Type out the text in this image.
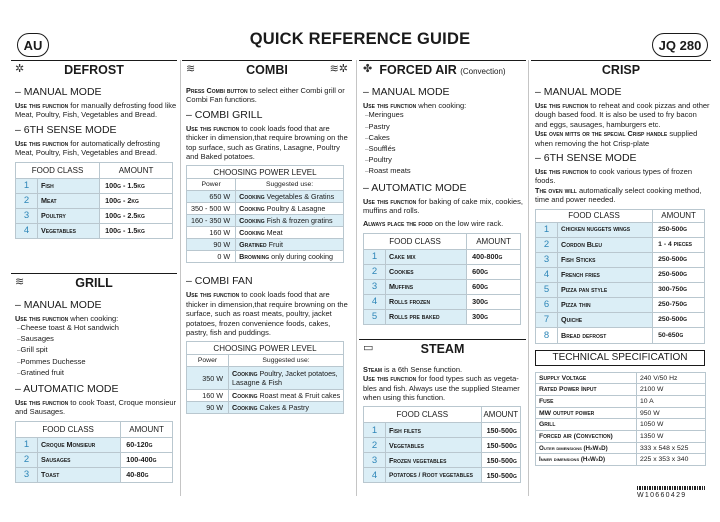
AU	QUICK REFERENCE GUIDE	JQ 280
✲	DEFROST
– MANUAL MODE

Use this function for manually defrosting food like Meat, Poultry, Fish, Vegetables and Bread.

– 6TH SENSE MODE

Use this function for automatically defrosting Meat, Poultry, Fish, Vegetables and Bread.

FOOD CLASS		AMOUNT
1	Fish	100g - 1.5kg
2	Meat	100g - 2kg
3	Poultry	100g - 2.5kg
4	Vegetables	100g - 1.5kg
≋	GRILL
– MANUAL MODE

Use this function when cooking:

─ Cheese toast & Hot sandwich
─ Sausages
─ Grill spit
─ Pommes Duchesse
─ Gratined fruit
– AUTOMATIC MODE

Use this function to cook Toast, Croque monsieur and Sausages.

FOOD CLASS		AMOUNT
1	Croque Monsieur	60-120g
2	Sausages	100-400g
3	Toast	40-80g
≋	COMBI	≋✲

Press Combi button to select either Combi grill or Combi Fan functions.

– COMBI GRILL

Use this function to cook loads food that are thicker in dimension,that require browning on the top surface, such as Gratins, Lasagne, Poultry and Baked potatoes.

CHOOSING POWER LEVEL	
Power	Suggested use:
650 W	Cooking Vegetables & Gratins
350 - 500 W	Cooking Poultry & Lasagne
160 - 350 W	Cooking Fish & frozen gratins
160 W	Cooking Meat
90 W	Gratined Fruit
0 W	Browning only during cooking
– COMBI FAN

Use this function to cook loads food that are thicker in dimension,that require browning on the surface, such as roast meats, poultry, jacket potatoes, frozen convenience foods, cakes, pastry, fish and puddings.

CHOOSING POWER LEVEL	
Power	Suggested use:
350 W	Cooking Poultry, Jacket potatoes, Lasagne & Fish
160 W	Cooking Roast meat & Fruit cakes
90 W	Cooking Cakes & Pastry
✤ FORCED AIR (Convection)
– MANUAL MODE

Use this function when cooking:

─ Meringues
─ Pastry
─ Cakes
─ Soufflés
─ Poultry
─ Roast meats
– AUTOMATIC MODE

Use this function for baking of cake mix, cookies, muffins and rolls.

Always place the food on the low wire rack.

FOOD CLASS		AMOUNT
1	Cake mix	400-800g
2	Cookies	600g
3	Muffins	600g
4	Rolls frozen	300g
5	Rolls pre baked	300g
▭	STEAM

Steam is a 6th Sense function.

Use this function for food types such as vegeta-bles and fish. Always use the supplied Steamer when using this function.

FOOD CLASS		AMOUNT
1	Fish filets	150-500g
2	Vegetables	150-500g
3	Frozen vegetables	150-500g
4	Potatoes / Root vegetables	150-500g
CRISP
– MANUAL MODE

Use this function to reheat and cook pizzas and other dough based food. It is also be used to fry bacon and eggs, sausages, hamburgers etc.

Use oven mitts or the special Crisp handle supplied when removing the hot Crisp-plate

– 6TH SENSE MODE

Use this function to cook various types of frozen foods.

The oven will automatically select cooking method, time and power needed.

FOOD CLASS		AMOUNT
1	Chicken nuggets wings	250-500g
2	Cordon Bleu	1 - 4 pieces
3	Fish Sticks	250-500g
4	French fries	250-500g
5	Pizza pan style	300-750g
6	Pizza thin	250-750g
7	Quiche	250-500g
8	Bread defrost	50-650g
TECHNICAL SPECIFICATION
Supply Voltage	240 V/50 Hz
Rated Power Input	2100 W
Fuse	10 A
MW output power	950 W
Grill	1050 W
Forced air (Convection)	1350 W
Outer dimensions (HxWxD)	333 x 548 x 525
Inner dimensions (HxWxD)	225 x 353 x 340
W10660429
